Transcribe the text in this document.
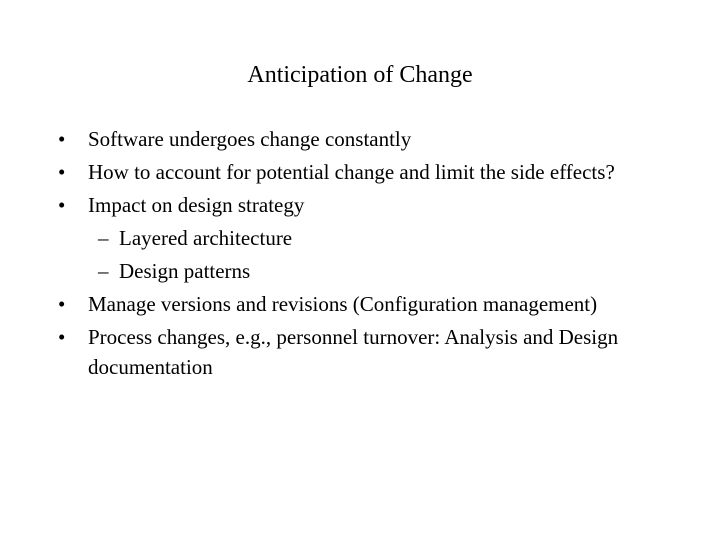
Anticipation of Change
• Software undergoes change constantly
• How to account for potential change and limit the side effects?
• Impact on design strategy
– Layered architecture
– Design patterns
• Manage versions and revisions (Configuration management)
• Process changes, e.g., personnel turnover: Analysis and Design documentation
